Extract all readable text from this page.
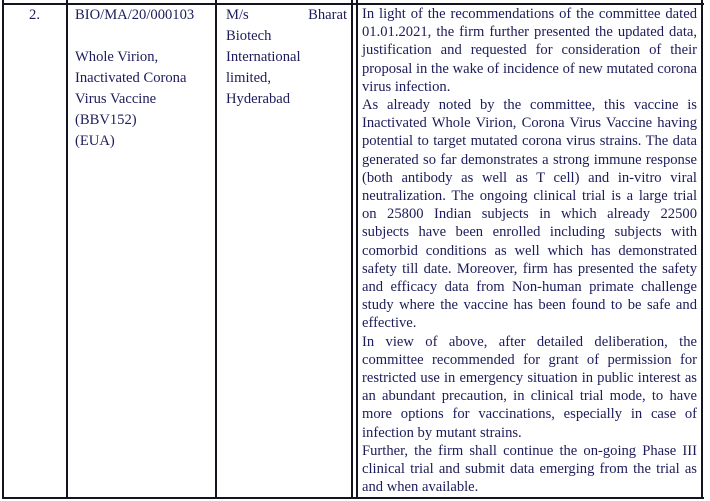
2.	BIO/MA/20/000103
Whole Virion,
Inactivated Corona
Virus Vaccine
(BBV152)
(EUA)
M/s Bharat
Biotech
International
limited,
Hyderabad

In light of the recommendations of the committee dated 01.01.2021, the firm further presented the updated data, justification and requested for consideration of their proposal in the wake of incidence of new mutated corona virus infection.

As already noted by the committee, this vaccine is Inactivated Whole Virion, Corona Virus Vaccine having potential to target mutated corona virus strains. The data generated so far demonstrates a strong immune response (both antibody as well as T cell) and in-vitro viral neutralization. The ongoing clinical trial is a large trial on 25800 Indian subjects in which already 22500 subjects have been enrolled including subjects with comorbid conditions as well which has demonstrated safety till date. Moreover, firm has presented the safety and efficacy data from Non-human primate challenge study where the vaccine has been found to be safe and effective.

In view of above, after detailed deliberation, the committee recommended for grant of permission for restricted use in emergency situation in public interest as an abundant precaution, in clinical trial mode, to have more options for vaccinations, especially in case of infection by mutant strains.

Further, the firm shall continue the on-going Phase III clinical trial and submit data emerging from the trial as and when available.
